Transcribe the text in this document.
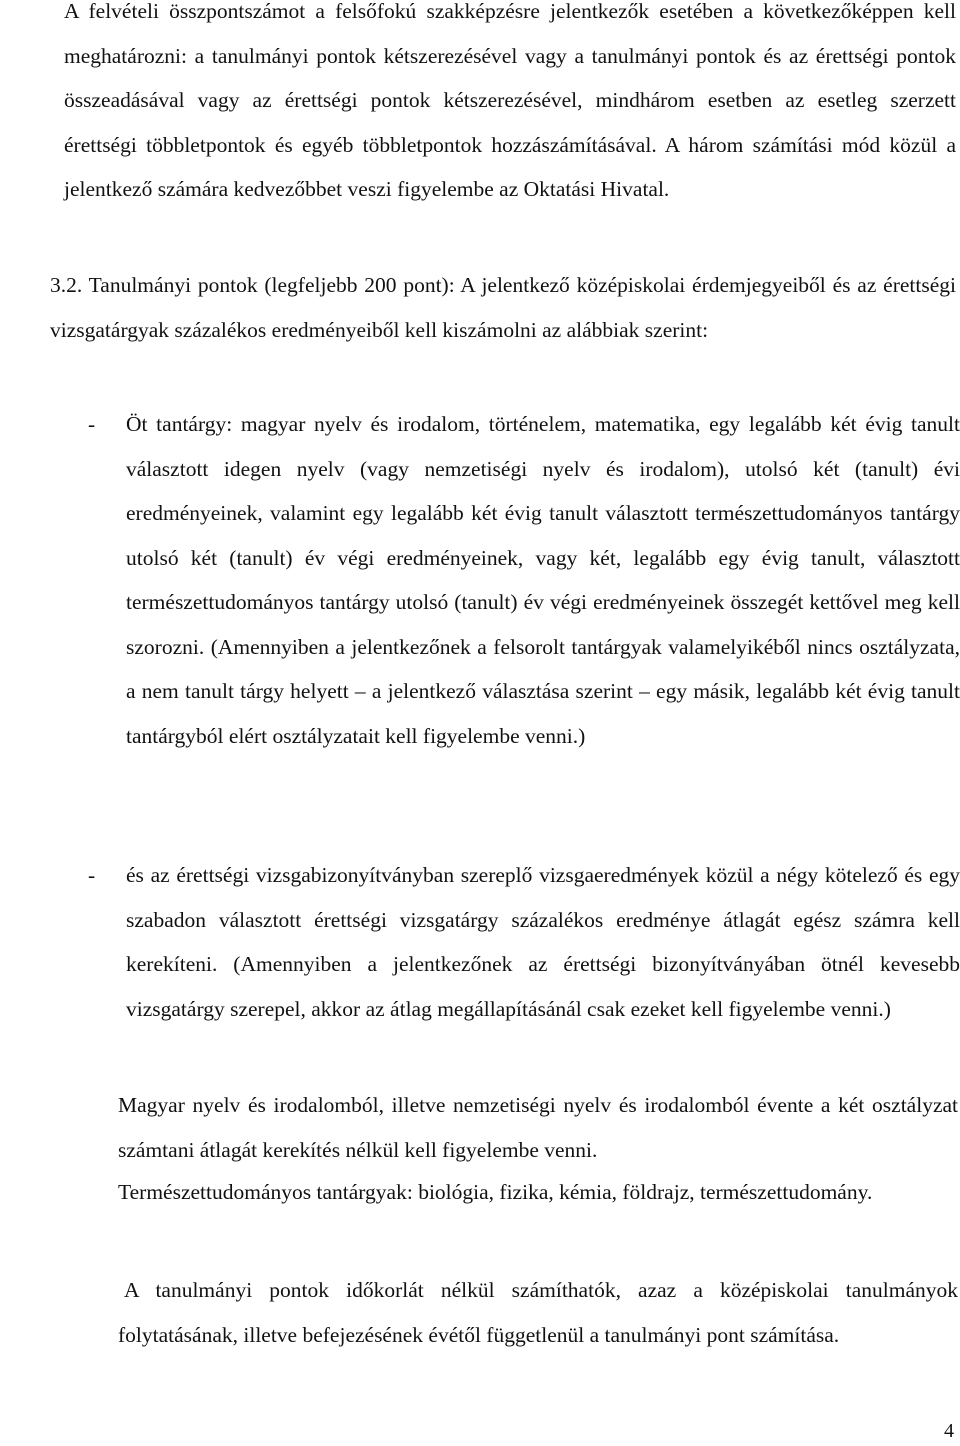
A felvételi összpontszámot a felsőfokú szakképzésre jelentkezők esetében a következőképpen kell meghatározni: a tanulmányi pontok kétszerezésével vagy a tanulmányi pontok és az érettségi pontok összeadásával vagy az érettségi pontok kétszerezésével, mindhárom esetben az esetleg szerzett érettségi többletpontok és egyéb többletpontok hozzászámításával. A három számítási mód közül a jelentkező számára kedvezőbbet veszi figyelembe az Oktatási Hivatal.

3.2. Tanulmányi pontok (legfeljebb 200 pont): A jelentkező középiskolai érdemjegyeiből és az érettségi vizsgatárgyak százalékos eredményeiből kell kiszámolni az alábbiak szerint:

- Öt tantárgy: magyar nyelv és irodalom, történelem, matematika, egy legalább két évig tanult választott idegen nyelv (vagy nemzetiségi nyelv és irodalom), utolsó két (tanult) évi eredményeinek, valamint egy legalább két évig tanult választott természettudományos tantárgy utolsó két (tanult) év végi eredményeinek, vagy két, legalább egy évig tanult, választott természettudományos tantárgy utolsó (tanult) év végi eredményeinek összegét kettővel meg kell szorozni. (Amennyiben a jelentkezőnek a felsorolt tantárgyak valamelyikéből nincs osztályzata, a nem tanult tárgy helyett – a jelentkező választása szerint – egy másik, legalább két évig tanult tantárgyból elért osztályzatait kell figyelembe venni.)

- és az érettségi vizsgabizonyítványban szereplő vizsgaeredmények közül a négy kötelező és egy szabadon választott érettségi vizsgatárgy százalékos eredménye átlagát egész számra kell kerekíteni. (Amennyiben a jelentkezőnek az érettségi bizonyítványában ötnél kevesebb vizsgatárgy szerepel, akkor az átlag megállapításánál csak ezeket kell figyelembe venni.)

Magyar nyelv és irodalomból, illetve nemzetiségi nyelv és irodalomból évente a két osztályzat számtani átlagát kerekítés nélkül kell figyelembe venni.

Természettudományos tantárgyak: biológia, fizika, kémia, földrajz, természettudomány.

A tanulmányi pontok időkorlát nélkül számíthatók, azaz a középiskolai tanulmányok folytatásának, illetve befejezésének évétől függetlenül a tanulmányi pont számítása.

4
